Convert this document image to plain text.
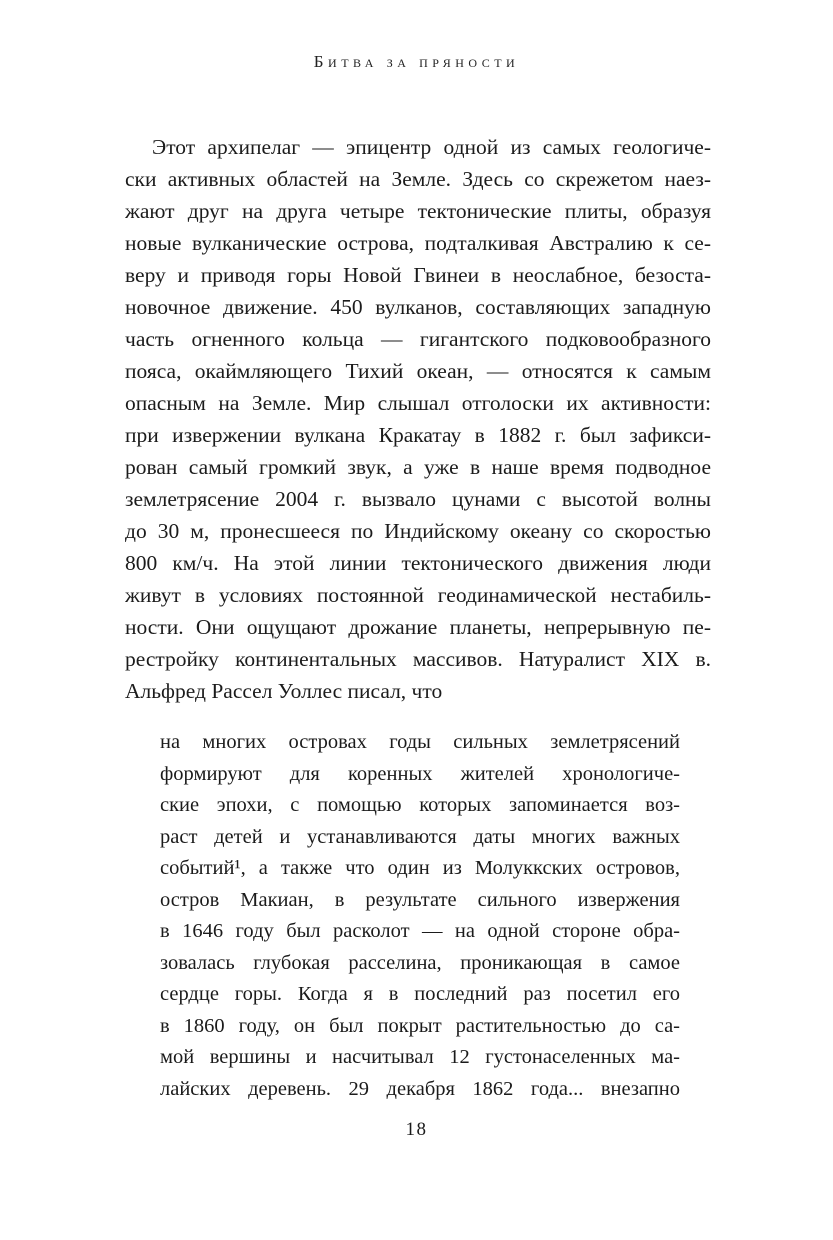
Битва за пряности
Этот архипелаг — эпицентр одной из самых геологиче-
ски активных областей на Земле. Здесь со скрежетом наез-
жают друг на друга четыре тектонические плиты, образуя
новые вулканические острова, подталкивая Австралию к се-
веру и приводя горы Новой Гвинеи в неослабное, безоста-
новочное движение. 450 вулканов, составляющих западную
часть огненного кольца — гигантского подковообразного
пояса, окаймляющего Тихий океан, — относятся к самым
опасным на Земле. Мир слышал отголоски их активности:
при извержении вулкана Кракатау в 1882 г. был зафикси-
рован самый громкий звук, а уже в наше время подводное
землетрясение 2004 г. вызвало цунами с высотой волны
до 30 м, пронесшееся по Индийскому океану со скоростью
800 км/ч. На этой линии тектонического движения люди
живут в условиях постоянной геодинамической нестабиль-
ности. Они ощущают дрожание планеты, непрерывную пе-
рестройку континентальных массивов. Натуралист XIX в.
Альфред Рассел Уоллес писал, что
на многих островах годы сильных землетрясений
формируют для коренных жителей хронологиче-
ские эпохи, с помощью которых запоминается воз-
раст детей и устанавливаются даты многих важных
событий¹, а также что один из Молуккских островов,
остров Макиан, в результате сильного извержения
в 1646 году был расколот — на одной стороне обра-
зовалась глубокая расселина, проникающая в самое
сердце горы. Когда я в последний раз посетил его
в 1860 году, он был покрыт растительностью до са-
мой вершины и насчитывал 12 густонаселенных ма-
лайских деревень. 29 декабря 1862 года... внезапно
18
